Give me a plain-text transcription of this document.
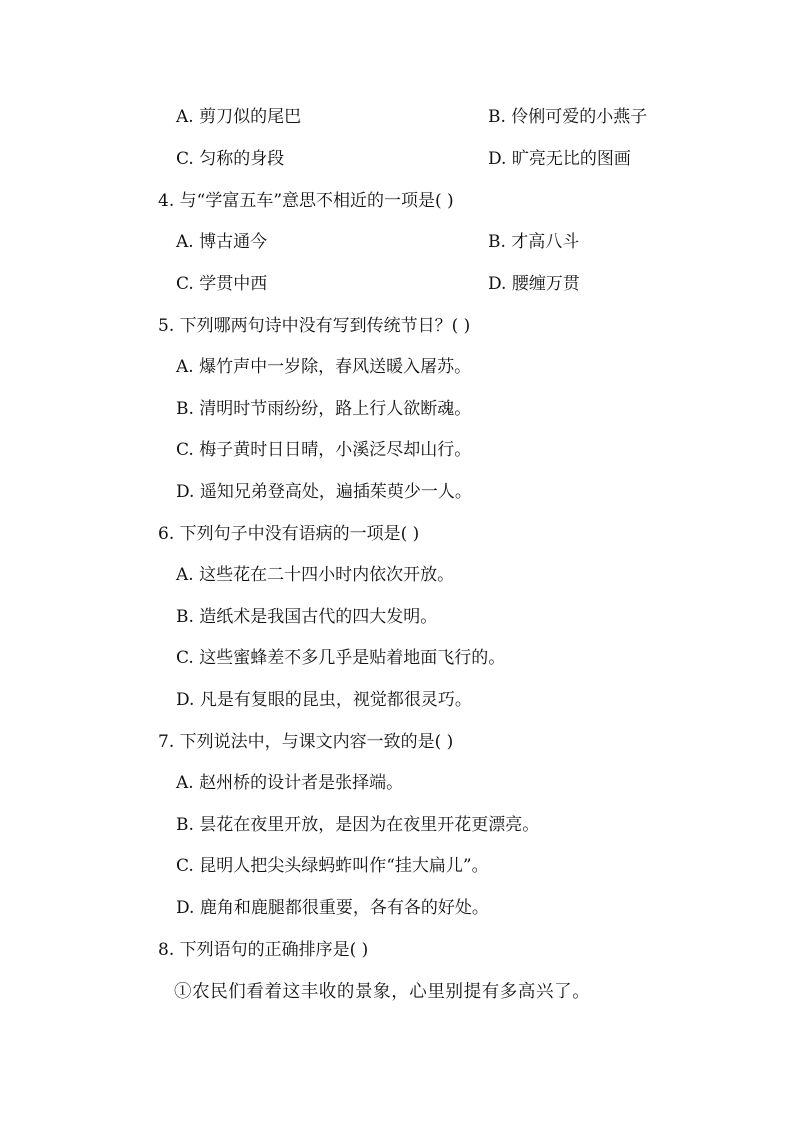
A. 剪刀似的尾巴	B. 伶俐可爱的小燕子
C. 匀称的身段	D. 旷亮无比的图画
4. 与“学富五车”意思不相近的一项是( )
A. 博古通今	B. 才高八斗
C. 学贯中西	D. 腰缠万贯
5. 下列哪两句诗中没有写到传统节日？( )
A. 爆竹声中一岁除，春风送暖入屠苏。
B. 清明时节雨纷纷，路上行人欲断魂。
C. 梅子黄时日日晴，小溪泛尽却山行。
D. 遥知兄弟登高处，遍插茱萸少一人。
6. 下列句子中没有语病的一项是( )
A. 这些花在二十四小时内依次开放。
B. 造纸术是我国古代的四大发明。
C. 这些蜜蜂差不多几乎是贴着地面飞行的。
D. 凡是有复眼的昆虫，视觉都很灵巧。
7. 下列说法中，与课文内容一致的是( )
A. 赵州桥的设计者是张择端。
B. 昙花在夜里开放，是因为在夜里开花更漂亮。
C. 昆明人把尖头绿蚂蚱叫作“挂大扁儿”。
D. 鹿角和鹿腿都很重要，各有各的好处。
8. 下列语句的正确排序是( )
①农民们看着这丰收的景象，心里别提有多高兴了。
